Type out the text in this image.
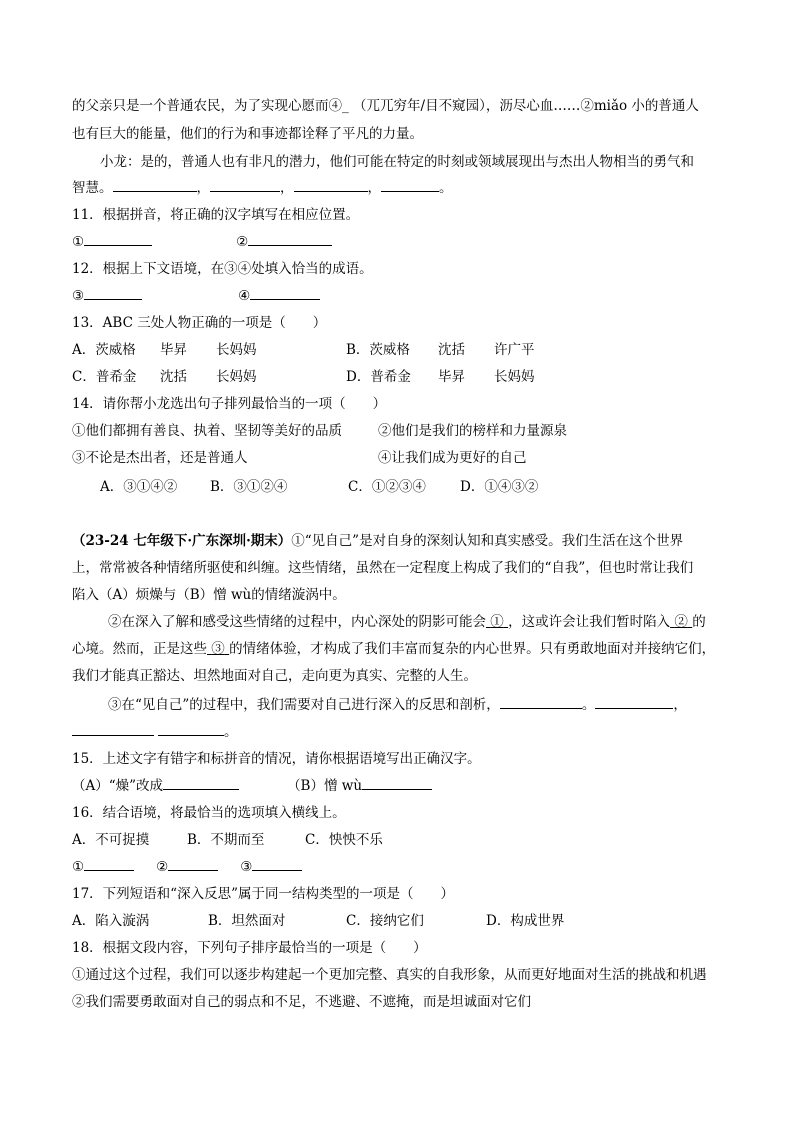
的父亲只是一个普通农民，为了实现心愿而④_ （兀兀穷年/目不窥园），沥尽心血……②miǎo 小的普通人
也有巨大的能量，他们的行为和事迹都诠释了平凡的力量。
小龙：是的，普通人也有非凡的潜力，他们可能在特定的时刻或领域展现出与杰出人物相当的勇气和
智慧。	，	，	，	。
11．根据拼音，将正确的汉字填写在相应位置。
①	②
12．根据上下文语境，在③④处填入恰当的成语。
③	④
13．ABC 三处人物正确的一项是（　　）
A．茨威格 毕昇 长妈妈	B．茨威格 沈括 许广平
C．普希金 沈括 长妈妈	D．普希金 毕昇 长妈妈
14．请你帮小龙选出句子排列最恰当的一项（　　）
①他们都拥有善良、执着、坚韧等美好的品质	②他们是我们的榜样和力量源泉
③不论是杰出者，还是普通人	④让我们成为更好的自己
A．③①④② B．③①②④	C．①②③④	D．①④③②
（23-24 七年级下·广东深圳·期末）①“见自己”是对自身的深刻认知和真实感受。我们生活在这个世界
上，常常被各种情绪所驱使和纠缠。这些情绪，虽然在一定程度上构成了我们的“自我”，但也时常让我们
陷入（A）烦燥与（B）憎 wù的情绪漩涡中。
②在深入了解和感受这些情绪的过程中，内心深处的阴影可能会 ① ，这或许会让我们暂时陷入 ② 的
心境。然而，正是这些 ③ 的情绪体验，才构成了我们丰富而复杂的内心世界。只有勇敢地面对并接纳它们，
我们才能真正豁达、坦然地面对自己，走向更为真实、完整的人生。
③在“见自己”的过程中，我们需要对自己进行深入的反思和剖析，	。	，
。
15．上述文字有错字和标拼音的情况，请你根据语境写出正确汉字。
（A）“燥”改成	（B）憎 wù
16．结合语境，将最恰当的选项填入横线上。
A．不可捉摸	B．不期而至	C．怏怏不乐
①	②	③
17．下列短语和“深入反思”属于同一结构类型的一项是（　　）
A．陷入漩涡	B．坦然面对	C．接纳它们	D．构成世界
18．根据文段内容，下列句子排序最恰当的一项是（　　）
①通过这个过程，我们可以逐步构建起一个更加完整、真实的自我形象，从而更好地面对生活的挑战和机遇
②我们需要勇敢面对自己的弱点和不足，不逃避、不遮掩，而是坦诚面对它们
